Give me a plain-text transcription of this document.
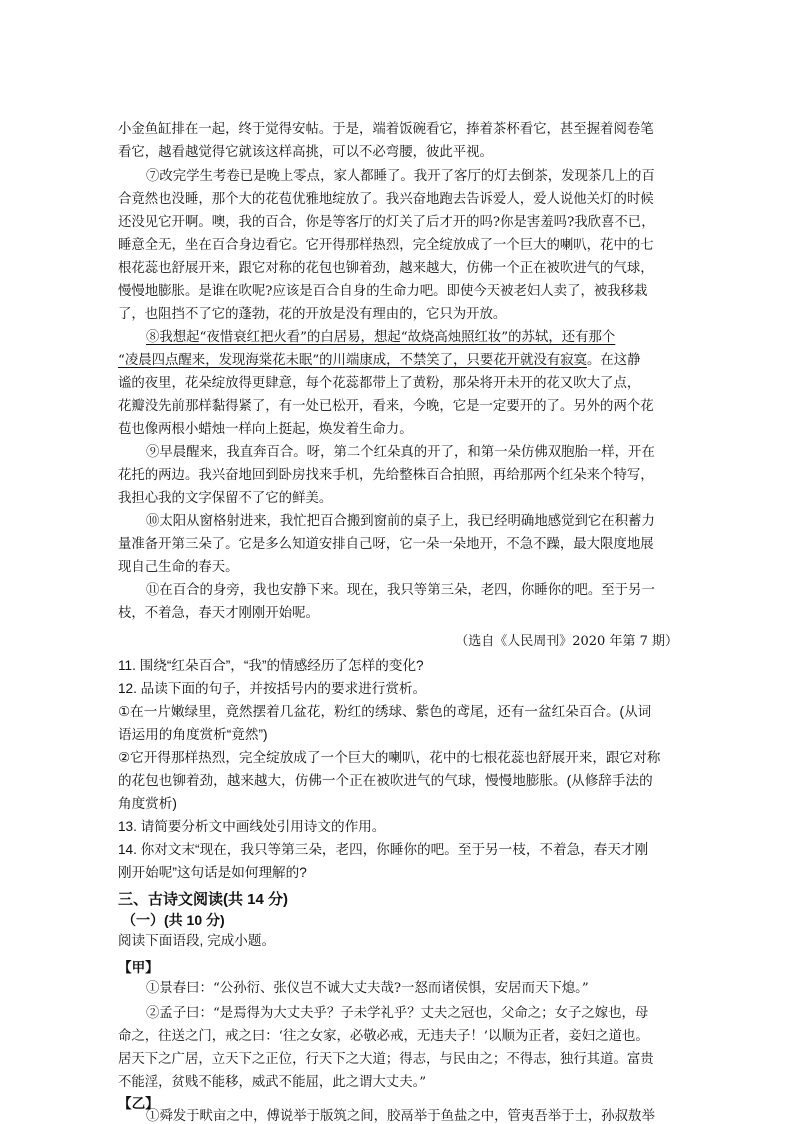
小金鱼缸排在一起，终于觉得安帖。于是，端着饭碗看它，捧着茶杯看它，甚至握着阅卷笔
看它，越看越觉得它就该这样高挑，可以不必弯腰，彼此平视。
⑦改完学生考卷已是晚上零点，家人都睡了。我开了客厅的灯去倒茶，发现茶几上的百
合竟然也没睡，那个大的花苞优雅地绽放了。我兴奋地跑去告诉爱人，爱人说他关灯的时候
还没见它开啊。噢，我的百合，你是等客厅的灯关了后才开的吗?你是害羞吗?我欣喜不已，
睡意全无，坐在百合身边看它。它开得那样热烈，完全绽放成了一个巨大的喇叭，花中的七
根花蕊也舒展开来，跟它对称的花包也铆着劲，越来越大，仿佛一个正在被吹进气的气球，
慢慢地膨胀。是谁在吹呢?应该是百合自身的生命力吧。即使今天被老妇人卖了，被我移栽
了，也阻挡不了它的蓬勃，花的开放是没有理由的，它只为开放。
⑧我想起“夜惜衰红把火看”的白居易，想起“故烧高烛照红妆”的苏轼，还有那个
“凌晨四点醒来，发现海棠花未眠”的川端康成，不禁笑了，只要花开就没有寂寞。在这静
谧的夜里，花朵绽放得更肆意，每个花蕊都带上了黄粉，那朵将开未开的花又吹大了点，
花瓣没先前那样黏得紧了，有一处已松开，看来，今晚，它是一定要开的了。另外的两个花
苞也像两根小蜡烛一样向上挺起，焕发着生命力。
⑨早晨醒来，我直奔百合。呀，第二个红朵真的开了，和第一朵仿佛双胞胎一样，开在
花托的两边。我兴奋地回到卧房找来手机，先给整株百合拍照，再给那两个红朵来个特写，
我担心我的文字保留不了它的鲜美。
⑩太阳从窗格射进来，我忙把百合搬到窗前的桌子上，我已经明确地感觉到它在积蓄力
量准备开第三朵了。它是多么知道安排自己呀，它一朵一朵地开，不急不躁，最大限度地展
现自己生命的春天。
⑪在百合的身旁，我也安静下来。现在，我只等第三朵，老四，你睡你的吧。至于另一
枝，不着急，春天才刚刚开始呢。
（选自《人民周刊》2020 年第 7 期）
11. 围绕“红朵百合”，“我”的情感经历了怎样的变化?
12. 品读下面的句子，并按括号内的要求进行赏析。
①在一片嫩绿里，竟然摆着几盆花，粉红的绣球、紫色的鸢尾，还有一盆红朵百合。(从词
语运用的角度赏析“竟然”)
②它开得那样热烈，完全绽放成了一个巨大的喇叭，花中的七根花蕊也舒展开来，跟它对称
的花包也铆着劲，越来越大，仿佛一个正在被吹进气的气球，慢慢地膨胀。(从修辞手法的
角度赏析)
13. 请简要分析文中画线处引用诗文的作用。
14. 你对文末“现在，我只等第三朵，老四，你睡你的吧。至于另一枝，不着急，春天才刚
刚开始呢”这句话是如何理解的?
三、古诗文阅读(共 14 分)
（一）(共 10 分)
阅读下面语段, 完成小题。
【甲】
①景春曰：“公孙衍、张仪岂不诚大丈夫哉?一怒而诸侯惧，安居而天下熄。”
②孟子曰：“是焉得为大丈夫乎？子未学礼乎？丈夫之冠也，父命之；女子之嫁也，母
命之，往送之门，戒之曰：‘往之女家，必敬必戒，无违夫子！’以顺为正者，妾妇之道也。
居天下之广居，立天下之正位，行天下之大道；得志，与民由之；不得志，独行其道。富贵
不能淫，贫贱不能移，威武不能屈，此之谓大丈夫。”
【乙】
①舜发于畎亩之中，傅说举于版筑之间，胶鬲举于鱼盐之中，管夷吾举于士，孙叔敖举
